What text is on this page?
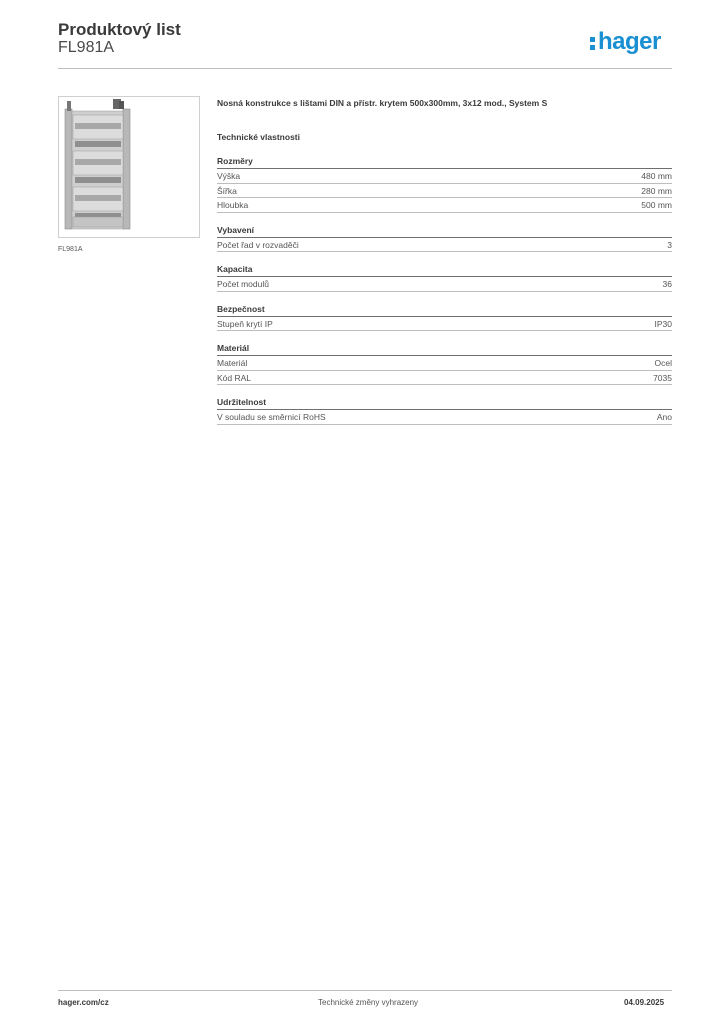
Produktový list
FL981A	hager
FL981A
Nosná konstrukce s lištami DIN a přístr. krytem 500x300mm, 3x12 mod., System S
Technické vlastnosti
Rozměry
Výška	480 mm
Šířka	280 mm
Hloubka	500 mm
Vybavení
Počet řad v rozvaděči	3
Kapacita
Počet modulů	36
Bezpečnost
Stupeň krytí IP	IP30
Materiál
Materiál	Ocel
Kód RAL	7035
Udržitelnost
V souladu se směrnicí RoHS	Ano
hager.com/cz	Technické změny vyhrazeny	04.09.2025
